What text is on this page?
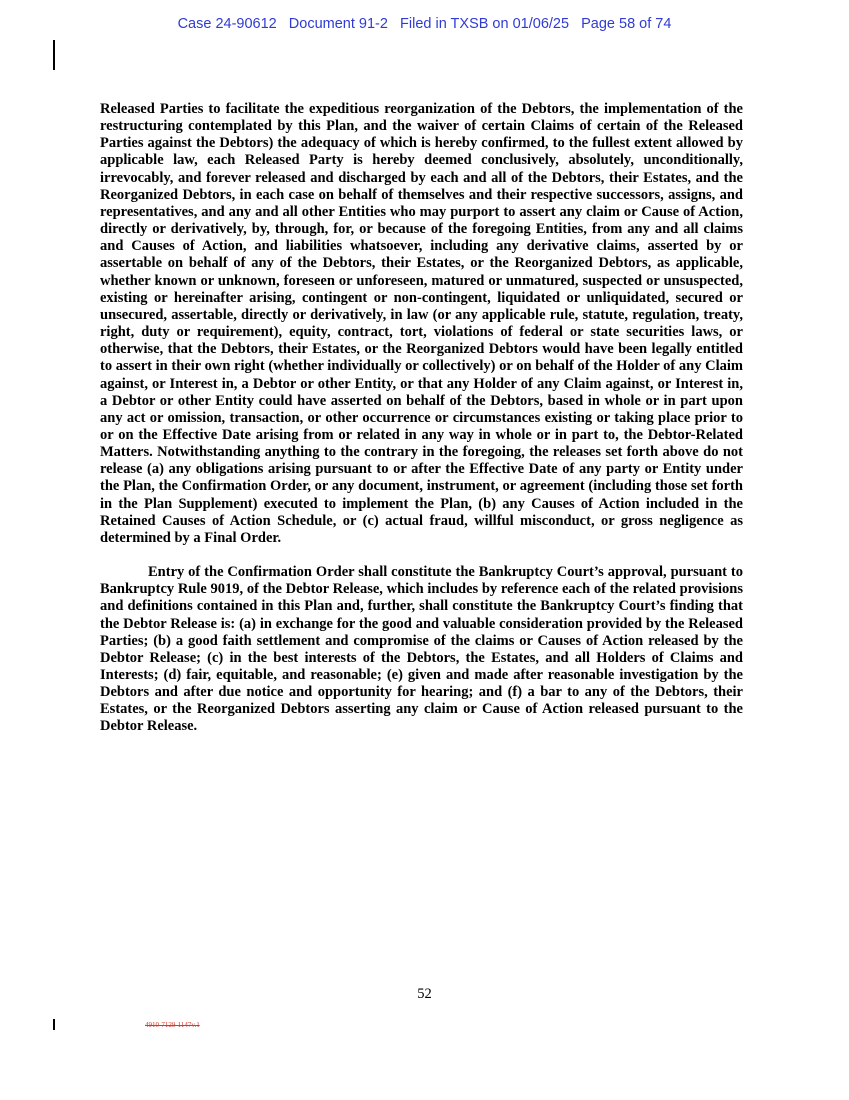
Case 24-90612   Document 91-2   Filed in TXSB on 01/06/25   Page 58 of 74

Released Parties to facilitate the expeditious reorganization of the Debtors, the implementation of the restructuring contemplated by this Plan, and the waiver of certain Claims of certain of the Released Parties against the Debtors) the adequacy of which is hereby confirmed, to the fullest extent allowed by applicable law, each Released Party is hereby deemed conclusively, absolutely, unconditionally, irrevocably, and forever released and discharged by each and all of the Debtors, their Estates, and the Reorganized Debtors, in each case on behalf of themselves and their respective successors, assigns, and representatives, and any and all other Entities who may purport to assert any claim or Cause of Action, directly or derivatively, by, through, for, or because of the foregoing Entities, from any and all claims and Causes of Action, and liabilities whatsoever, including any derivative claims, asserted by or assertable on behalf of any of the Debtors, their Estates, or the Reorganized Debtors, as applicable, whether known or unknown, foreseen or unforeseen, matured or unmatured, suspected or unsuspected, existing or hereinafter arising, contingent or non-contingent, liquidated or unliquidated, secured or unsecured, assertable, directly or derivatively, in law (or any applicable rule, statute, regulation, treaty, right, duty or requirement), equity, contract, tort, violations of federal or state securities laws, or otherwise, that the Debtors, their Estates, or the Reorganized Debtors would have been legally entitled to assert in their own right (whether individually or collectively) or on behalf of the Holder of any Claim against, or Interest in, a Debtor or other Entity, or that any Holder of any Claim against, or Interest in, a Debtor or other Entity could have asserted on behalf of the Debtors, based in whole or in part upon any act or omission, transaction, or other occurrence or circumstances existing or taking place prior to or on the Effective Date arising from or related in any way in whole or in part to, the Debtor-Related Matters. Notwithstanding anything to the contrary in the foregoing, the releases set forth above do not release (a) any obligations arising pursuant to or after the Effective Date of any party or Entity under the Plan, the Confirmation Order, or any document, instrument, or agreement (including those set forth in the Plan Supplement) executed to implement the Plan, (b) any Causes of Action included in the Retained Causes of Action Schedule, or (c) actual fraud, willful misconduct, or gross negligence as determined by a Final Order.

Entry of the Confirmation Order shall constitute the Bankruptcy Court’s approval, pursuant to Bankruptcy Rule 9019, of the Debtor Release, which includes by reference each of the related provisions and definitions contained in this Plan and, further, shall constitute the Bankruptcy Court’s finding that the Debtor Release is: (a) in exchange for the good and valuable consideration provided by the Released Parties; (b) a good faith settlement and compromise of the claims or Causes of Action released by the Debtor Release; (c) in the best interests of the Debtors, the Estates, and all Holders of Claims and Interests; (d) fair, equitable, and reasonable; (e) given and made after reasonable investigation by the Debtors and after due notice and opportunity for hearing; and (f) a bar to any of the Debtors, their Estates, or the Reorganized Debtors asserting any claim or Cause of Action released pursuant to the Debtor Release.

52
4910-7129-1147v.1
